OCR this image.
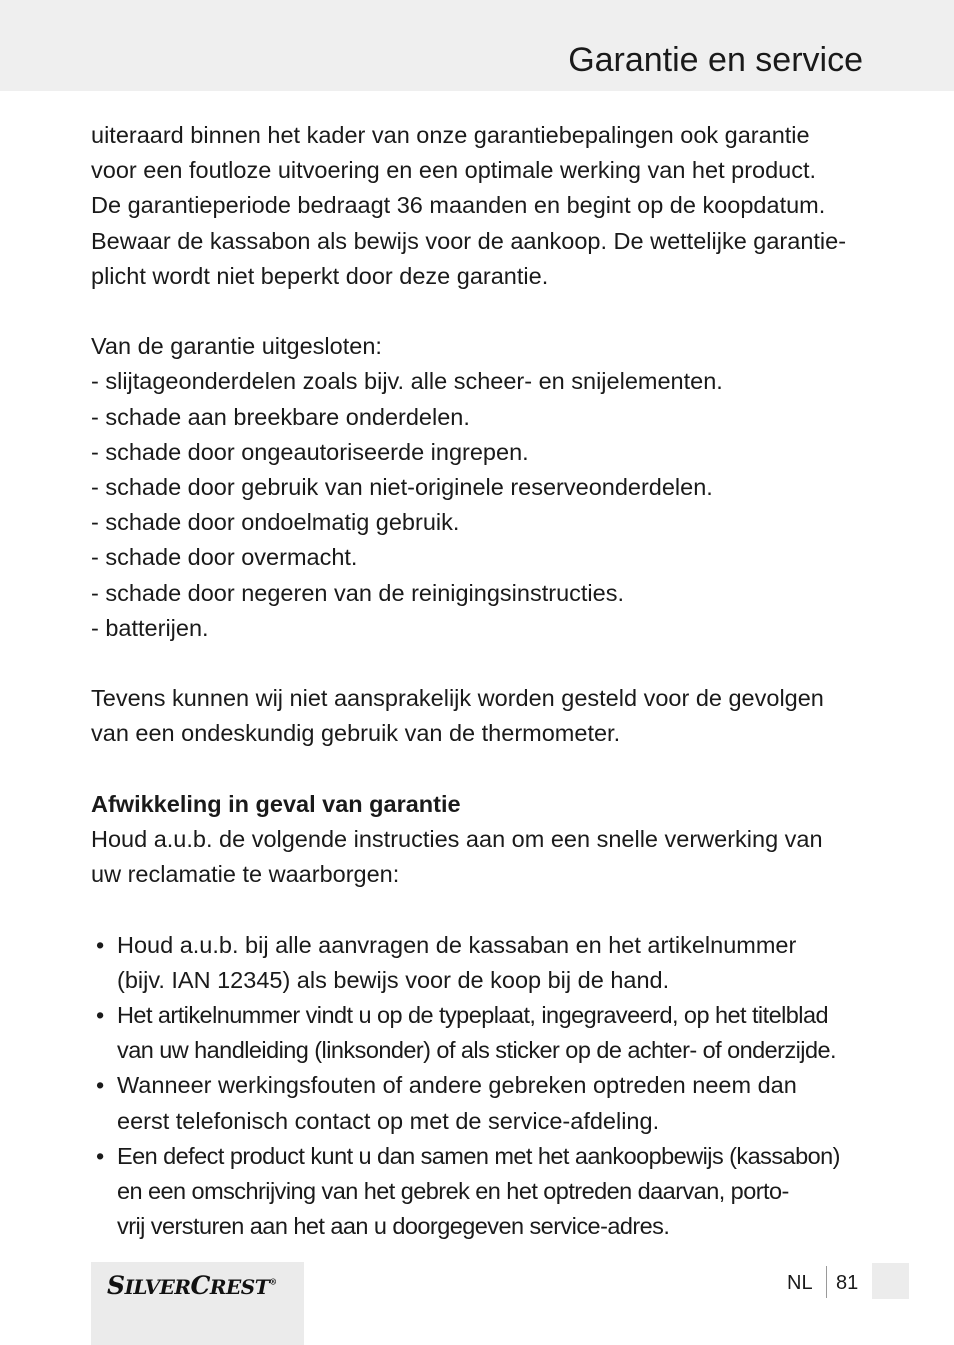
Garantie en service

uiteraard binnen het kader van onze garantiebepalingen ook garantie

voor een foutloze uitvoering en een optimale werking van het product.

De garantieperiode bedraagt 36 maanden en begint op de koopdatum.

Bewaar de kassabon als bewijs voor de aankoop. De wettelijke garantie-

plicht wordt niet beperkt door deze garantie.

Van de garantie uitgesloten:

- slijtageonderdelen zoals bijv. alle scheer- en snijelementen.

- schade aan breekbare onderdelen.

- schade door ongeautoriseerde ingrepen.

- schade door gebruik van niet-originele reserveonderdelen.

- schade door ondoelmatig gebruik.

- schade door overmacht.

- schade door negeren van de reinigingsinstructies.

- batterijen.

Tevens kunnen wij niet aansprakelijk worden gesteld voor de gevolgen

van een ondeskundig gebruik van de thermometer.

Afwikkeling in geval van garantie

Houd a.u.b. de volgende instructies aan om een snelle verwerking van

uw reclamatie te waarborgen:

• Houd a.u.b. bij alle aanvragen de kassaban en het artikelnummer

(bijv. IAN 12345) als bewijs voor de koop bij de hand.

• Het artikelnummer vindt u op de typeplaat, ingegraveerd, op het titelblad

van uw handleiding (linksonder) of als sticker op de achter- of onderzijde.

• Wanneer werkingsfouten of andere gebreken optreden neem dan

eerst telefonisch contact op met de service-afdeling.

• Een defect product kunt u dan samen met het aankoopbewijs (kassabon)

en een omschrijving van het gebrek en het optreden daarvan, porto-

vrij versturen aan het aan u doorgegeven service-adres.

SILVERCREST®	NL 81
